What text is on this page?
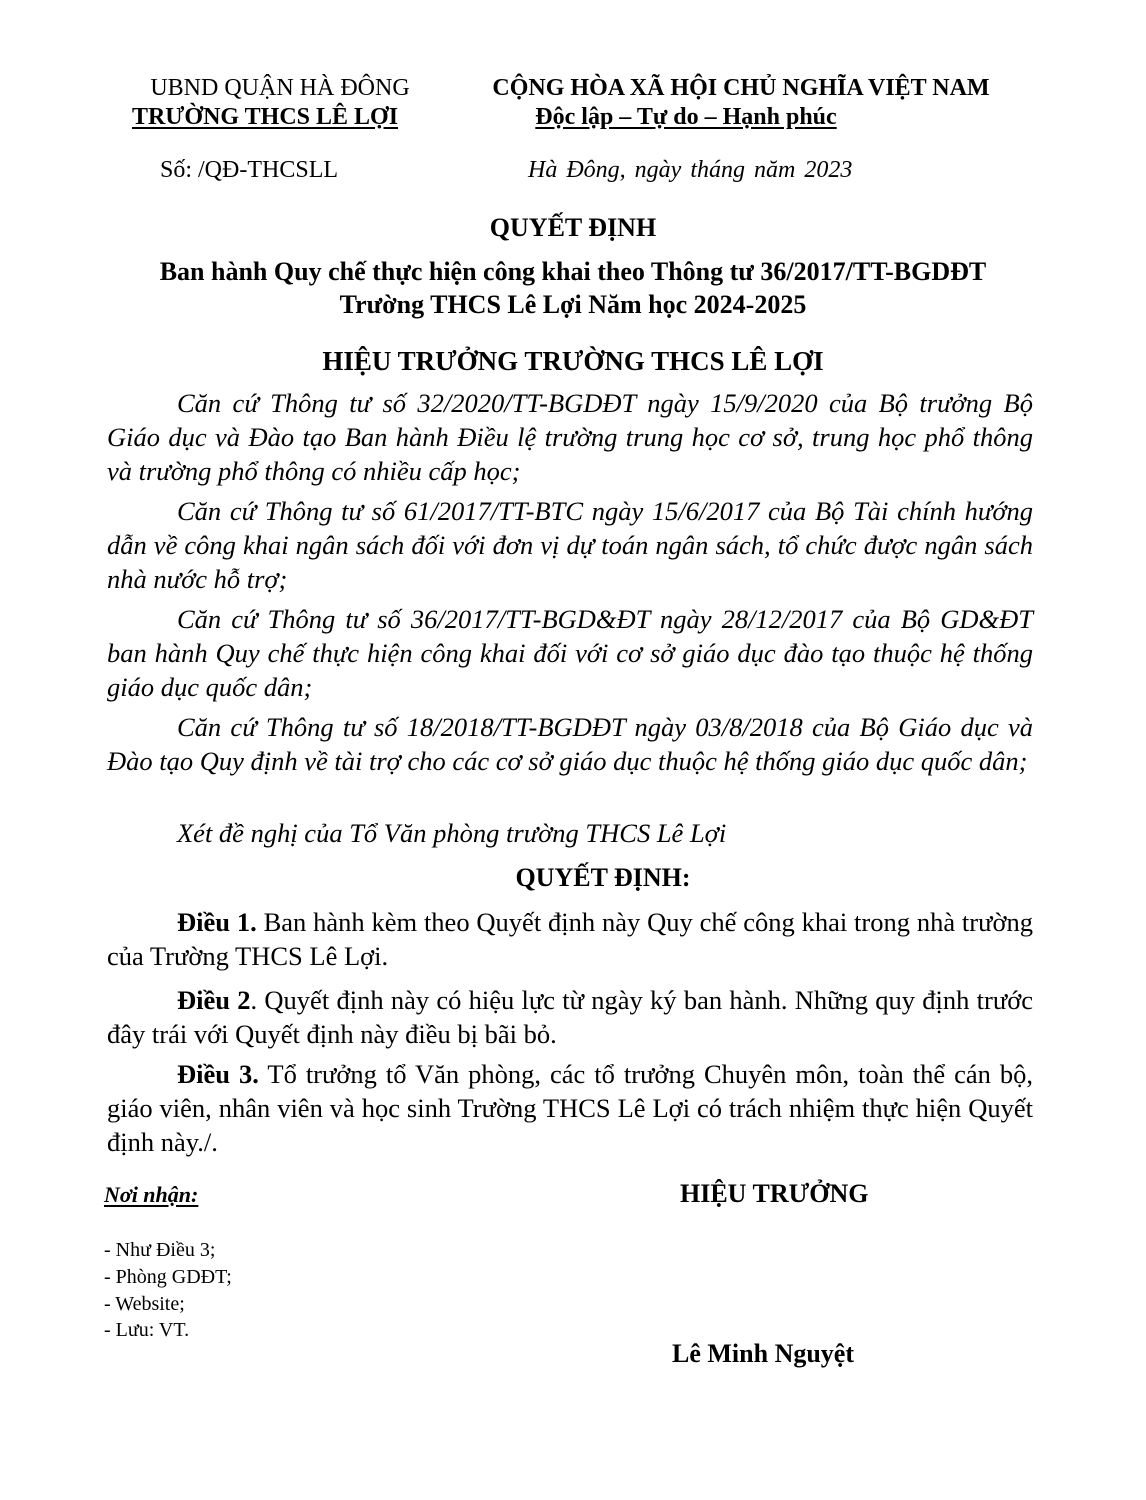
UBND QUẬN HÀ ĐÔNG
TRƯỜNG THCS LÊ LỢI
CỘNG HÒA XÃ HỘI CHỦ NGHĨA VIỆT NAM
Độc lập – Tự do – Hạnh phúc
Số: /QĐ-THCSLL	Hà Đông, ngày tháng năm 2023
QUYẾT ĐỊNH
Ban hành Quy chế thực hiện công khai theo Thông tư 36/2017/TT-BGDĐT
Trường THCS Lê Lợi Năm học 2024-2025
HIỆU TRƯỞNG TRƯỜNG THCS LÊ LỢI
Căn cứ Thông tư số 32/2020/TT-BGDĐT ngày 15/9/2020 của Bộ trưởng Bộ Giáo dục và Đào tạo Ban hành Điều lệ trường trung học cơ sở, trung học phổ thông và trường phổ thông có nhiều cấp học;
Căn cứ Thông tư số 61/2017/TT-BTC ngày 15/6/2017 của Bộ Tài chính hướng dẫn về công khai ngân sách đối với đơn vị dự toán ngân sách, tổ chức được ngân sách nhà nước hỗ trợ;
Căn cứ Thông tư số 36/2017/TT-BGD&ĐT ngày 28/12/2017 của Bộ GD&ĐT ban hành Quy chế thực hiện công khai đối với cơ sở giáo dục đào tạo thuộc hệ thống giáo dục quốc dân;
Căn cứ Thông tư số 18/2018/TT-BGDĐT ngày 03/8/2018 của Bộ Giáo dục và Đào tạo Quy định về tài trợ cho các cơ sở giáo dục thuộc hệ thống giáo dục quốc dân;
Xét đề nghị của Tổ Văn phòng trường THCS Lê Lợi
QUYẾT ĐỊNH:
Điều 1. Ban hành kèm theo Quyết định này Quy chế công khai trong nhà trường của Trường THCS Lê Lợi.
Điều 2. Quyết định này có hiệu lực từ ngày ký ban hành. Những quy định trước đây trái với Quyết định này điều bị bãi bỏ.
Điều 3. Tổ trưởng tổ Văn phòng, các tổ trưởng Chuyên môn, toàn thể cán bộ, giáo viên, nhân viên và học sinh Trường THCS Lê Lợi có trách nhiệm thực hiện Quyết định này./.
Nơi nhận:
- Như Điều 3;
- Phòng GDĐT;
- Website;
- Lưu: VT.
HIỆU TRƯỞNG
Lê Minh Nguyệt
